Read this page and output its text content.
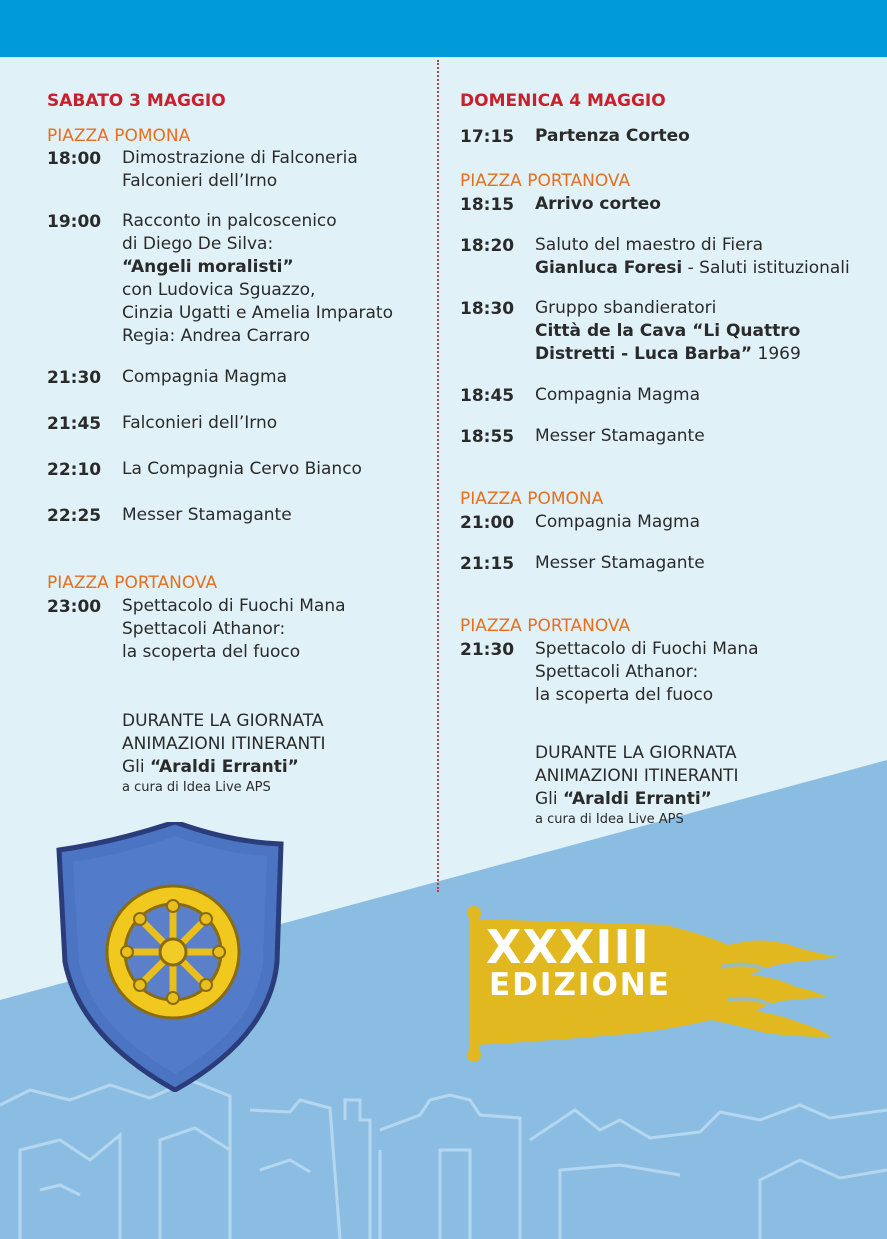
SABATO 3 MAGGIO
PIAZZA POMONA
18:00 Dimostrazione di Falconeria
Falconieri dell’Irno
19:00 Racconto in palcoscenico
di Diego De Silva:
“Angeli moralisti”
con Ludovica Sguazzo,
Cinzia Ugatti e Amelia Imparato
Regia: Andrea Carraro
21:30 Compagnia Magma
21:45 Falconieri dell’Irno
22:10 La Compagnia Cervo Bianco
22:25 Messer Stamagante
PIAZZA PORTANOVA
23:00 Spettacolo di Fuochi Mana
Spettacoli Athanor:
la scoperta del fuoco
DURANTE LA GIORNATA
ANIMAZIONI ITINERANTI
Gli “Araldi Erranti”
a cura di Idea Live APS
DOMENICA 4 MAGGIO
17:15 Partenza Corteo
PIAZZA PORTANOVA
18:15 Arrivo corteo
18:20 Saluto del maestro di Fiera
Gianluca Foresi - Saluti istituzionali
18:30 Gruppo sbandieratori
Città de la Cava “Li Quattro
Distretti - Luca Barba” 1969
18:45 Compagnia Magma
18:55 Messer Stamagante
PIAZZA POMONA
21:00 Compagnia Magma
21:15 Messer Stamagante
PIAZZA PORTANOVA
21:30 Spettacolo di Fuochi Mana
Spettacoli Athanor:
la scoperta del fuoco
DURANTE LA GIORNATA
ANIMAZIONI ITINERANTI
Gli “Araldi Erranti”
a cura di Idea Live APS
XXXIII
EDIZIONE
